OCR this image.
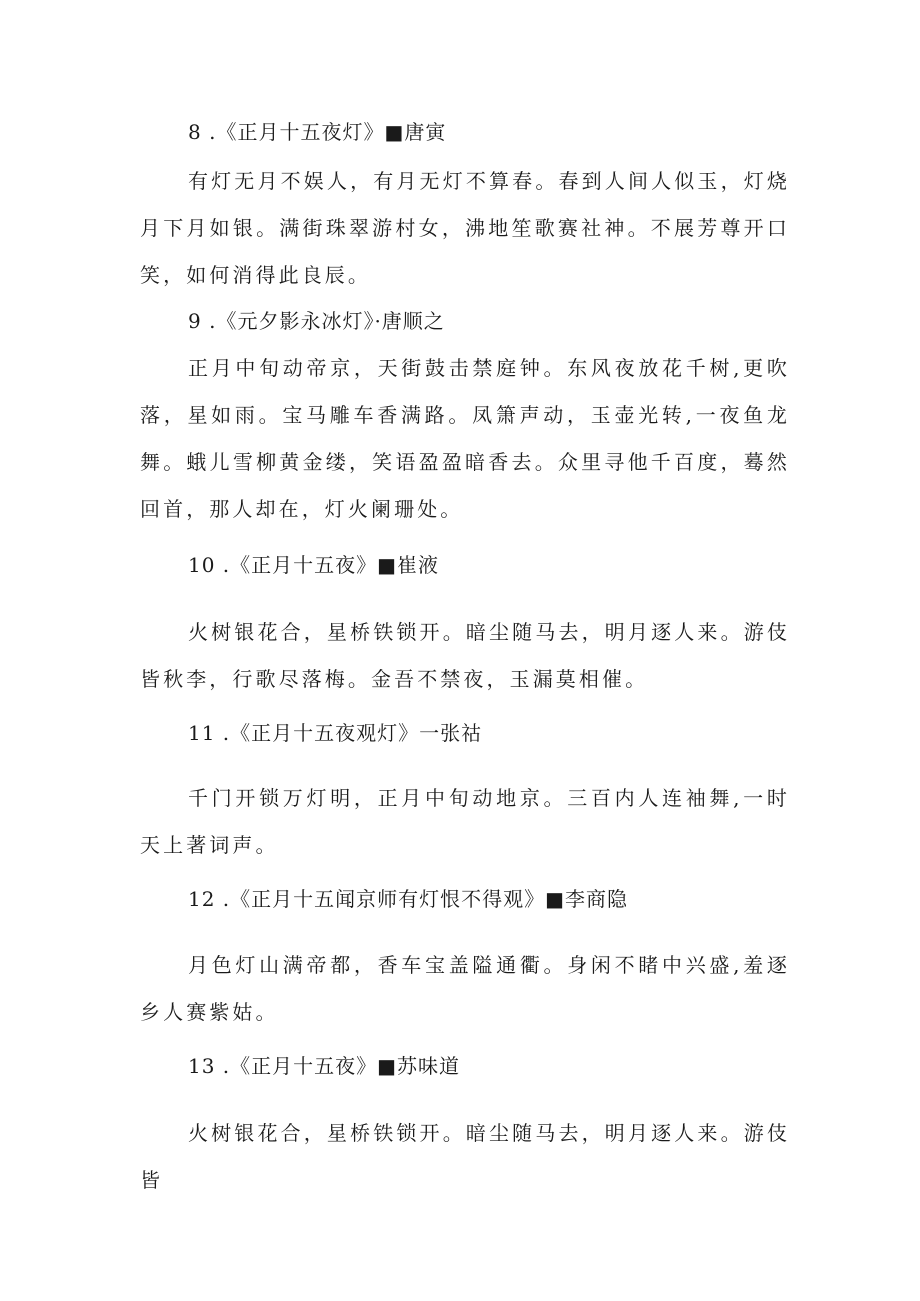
8 .《正月十五夜灯》■唐寅
有灯无月不娱人，有月无灯不算春。春到人间人似玉，灯烧月下月如银。满街珠翠游村女，沸地笙歌赛社神。不展芳尊开口笑，如何消得此良辰。
9 .《元夕影永冰灯》·唐顺之
正月中旬动帝京，天街鼓击禁庭钟。东风夜放花千树,更吹落，星如雨。宝马雕车香满路。凤箫声动，玉壶光转,一夜鱼龙舞。蛾儿雪柳黄金缕，笑语盈盈暗香去。众里寻他千百度，蓦然回首，那人却在，灯火阑珊处。
10 .《正月十五夜》■崔液
火树银花合，星桥铁锁开。暗尘随马去，明月逐人来。游伎皆秋李，行歌尽落梅。金吾不禁夜，玉漏莫相催。
11 .《正月十五夜观灯》一张祜
千门开锁万灯明，正月中旬动地京。三百内人连袖舞,一时天上著词声。
12 .《正月十五闻京师有灯恨不得观》■李商隐
月色灯山满帝都，香车宝盖隘通衢。身闲不睹中兴盛,羞逐乡人赛紫姑。
13 .《正月十五夜》■苏味道
火树银花合，星桥铁锁开。暗尘随马去，明月逐人来。游伎皆
